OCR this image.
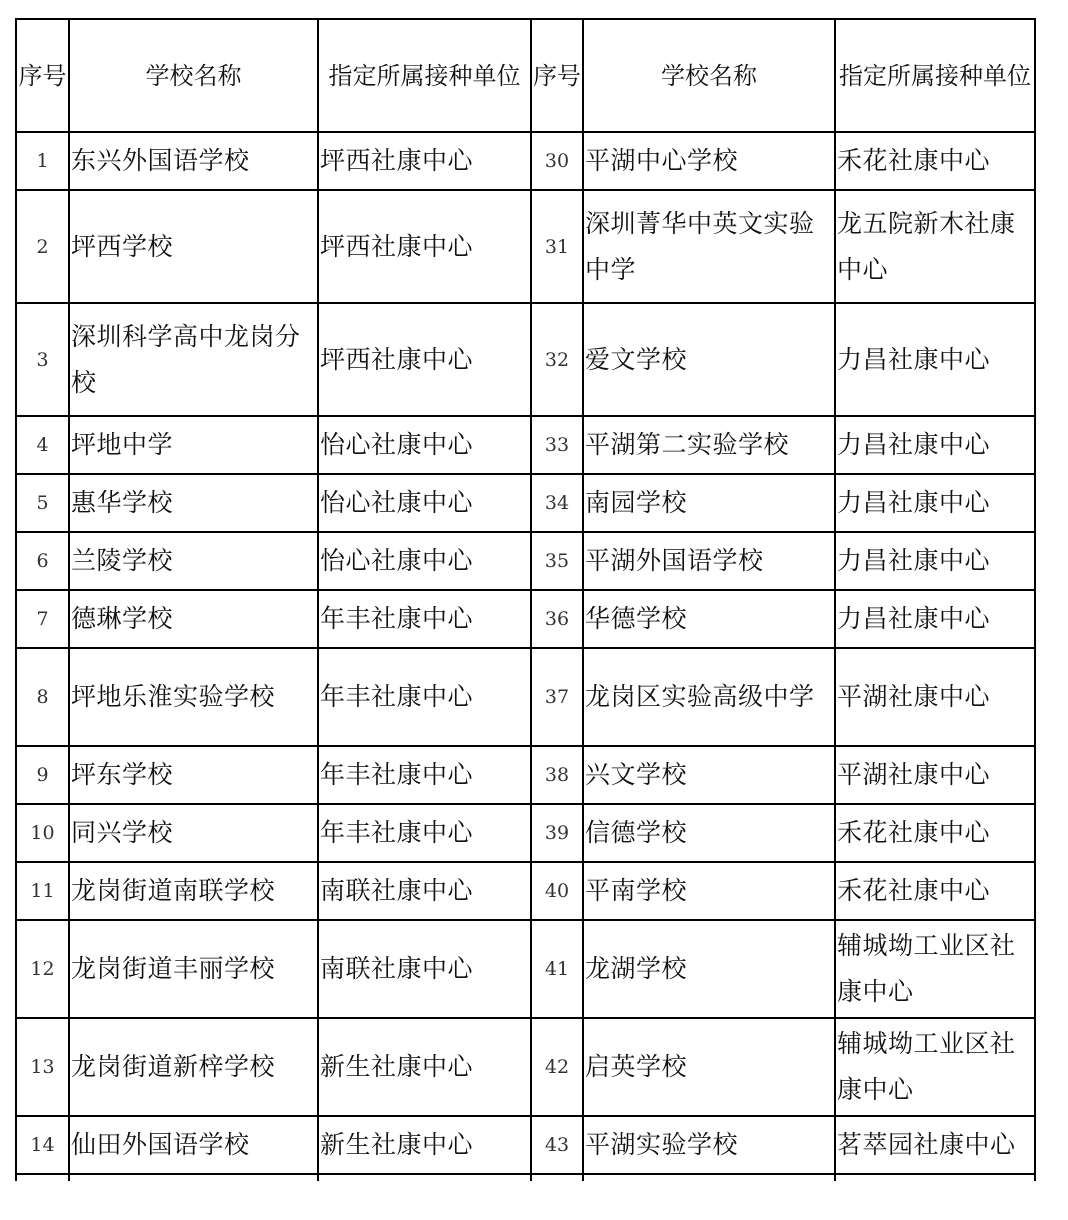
序号	学校名称	指定所属接种单位	序号	学校名称	指定所属接种单位
1	东兴外国语学校	坪西社康中心	30	平湖中心学校	禾花社康中心
2	坪西学校	坪西社康中心	31	深圳菁华中英文实验中学	龙五院新木社康中心
3	深圳科学高中龙岗分校	坪西社康中心	32	爱文学校	力昌社康中心
4	坪地中学	怡心社康中心	33	平湖第二实验学校	力昌社康中心
5	惠华学校	怡心社康中心	34	南园学校	力昌社康中心
6	兰陵学校	怡心社康中心	35	平湖外国语学校	力昌社康中心
7	德琳学校	年丰社康中心	36	华德学校	力昌社康中心
8	坪地乐淮实验学校	年丰社康中心	37	龙岗区实验高级中学	平湖社康中心
9	坪东学校	年丰社康中心	38	兴文学校	平湖社康中心
10	同兴学校	年丰社康中心	39	信德学校	禾花社康中心
11	龙岗街道南联学校	南联社康中心	40	平南学校	禾花社康中心
12	龙岗街道丰丽学校	南联社康中心	41	龙湖学校	辅城坳工业区社康中心
13	龙岗街道新梓学校	新生社康中心	42	启英学校	辅城坳工业区社康中心
14	仙田外国语学校	新生社康中心	43	平湖实验学校	茗萃园社康中心
